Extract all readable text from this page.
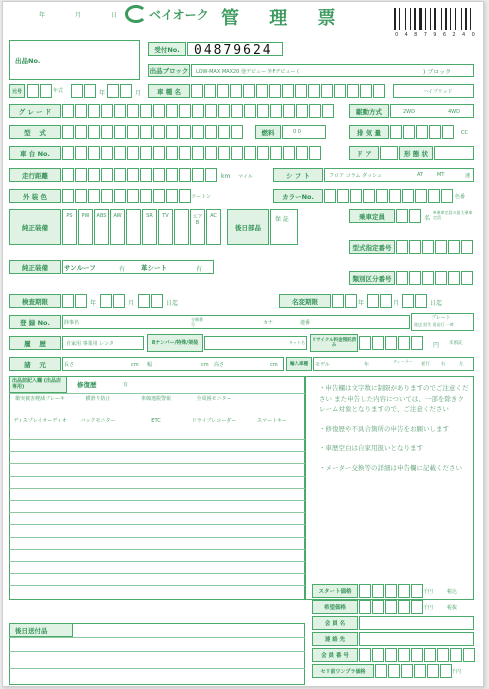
年 月 日 ベイオーク 管 理 票
0 4 8 7 9 6 2 4 0
出品No.
受付No.	04879624
出品ブロック	LOW-MAX MAX20 他デビュー 外Fデビュー (	) ブロック
元号	年式	年	月	車 種 名	ハイブリッド
グ レ ー ド	駆動方式	2WD	4WD
型　 式	燃料	0 0	排 気 量	CC
車 台 No.	ド ア	形 態 状
走行距離	km マイル	シ フ ト	フロア コラム ダッシュ	AT	MT	速
外 装 色	ツートン	カラーNo.	色番
純正装備
PS	PW	ABS	AW	SR	TV	エアB
AC
後日部品
保 証	乗車定員	名
※乗車定員の最大乗車定員
型式指定番号
純正装備	サンルーフ	有 革シート	有
類別区分番号
検査期限	年	月	日迄	名変期限	年	月	日迄
登 録 No.	陸事名
分類番号	カナ	連番
プレート
陸送 紛失 再発行 一時
履　 歴	自家用 事業用 レンタ	8ナンバー/特殊/架装	キット名	リサイクル料金預託済み	円 未預託
諸　 元	長さ	cm 幅	cm 高さ	cm	輸入車種	モデル	年
ディーラー
並行 右	左
出品前記入欄 (出品店専用)	修復歴	有
衝突被害軽減ブレーキ	横滑り防止	車線逸脱警報	全周囲モニター
ディスプレイオーディオ	バックモニター	ETC	ドライブレコーダー	スマートキー

・申告欄は文字数に制限がありますのでご注意ください また申告した内容については、一部を除きクレーム対象となりますので、ご注意ください

・修復歴や不具合箇所の申告をお願いします

・車歴空白は自家用扱いとなります

・メーター交換等の詳細は申告欄に記載ください

後日送付品
スタート価格	千円	税込
希望価格	千円	税抜
会 員 名
連 絡 先
会 員 番 号
セリ前ワンプラ価格	千円
